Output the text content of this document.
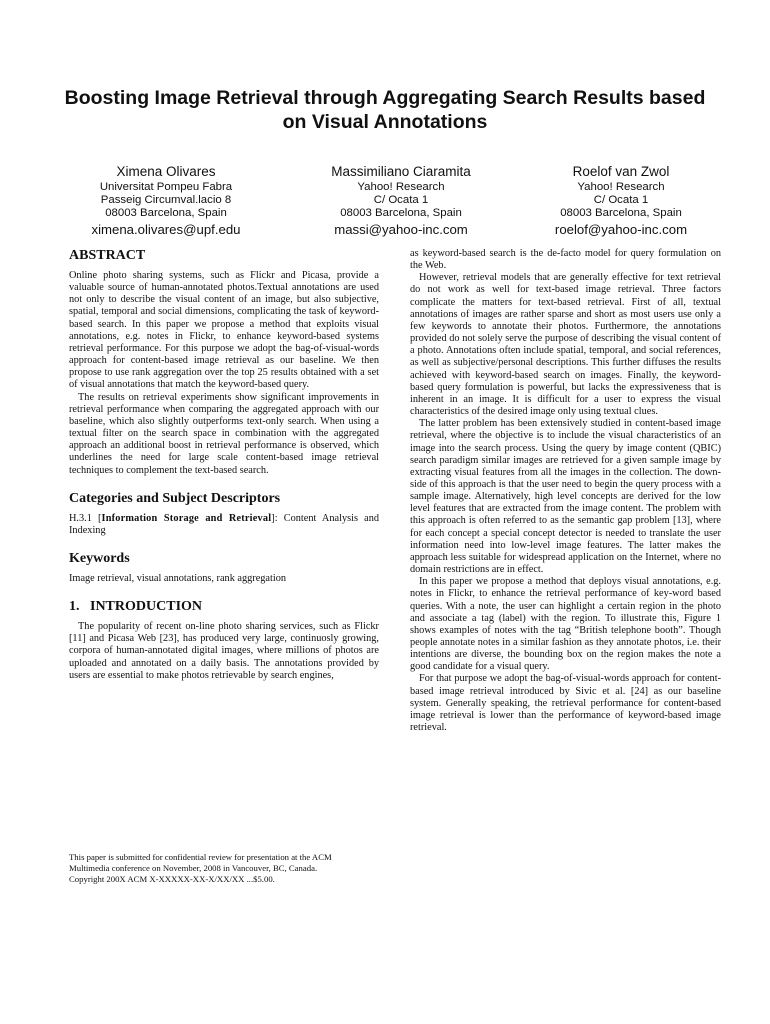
Boosting Image Retrieval through Aggregating Search Results based on Visual Annotations
Ximena Olivares
Universitat Pompeu Fabra
Passeig Circumval.lacio 8
08003 Barcelona, Spain
ximena.olivares@upf.edu
Massimiliano Ciaramita
Yahoo! Research
C/ Ocata 1
08003 Barcelona, Spain
massi@yahoo-inc.com
Roelof van Zwol
Yahoo! Research
C/ Ocata 1
08003 Barcelona, Spain
roelof@yahoo-inc.com
ABSTRACT

Online photo sharing systems, such as Flickr and Picasa, provide a valuable source of human-annotated photos.Textual annotations are used not only to describe the visual content of an image, but also subjective, spatial, temporal and social dimensions, complicating the task of keyword-based search. In this paper we propose a method that exploits visual annotations, e.g. notes in Flickr, to enhance keyword-based systems retrieval performance. For this purpose we adopt the bag-of-visual-words approach for content-based image retrieval as our baseline. We then propose to use rank aggregation over the top 25 results obtained with a set of visual annotations that match the keyword-based query.

The results on retrieval experiments show significant improvements in retrieval performance when comparing the aggregated approach with our baseline, which also slightly outperforms text-only search. When using a textual filter on the search space in combination with the aggregated approach an additional boost in retrieval performance is observed, which underlines the need for large scale content-based image retrieval techniques to complement the text-based search.

Categories and Subject Descriptors

H.3.1 [Information Storage and Retrieval]: Content Analysis and Indexing

Keywords

Image retrieval, visual annotations, rank aggregation

1.   INTRODUCTION

The popularity of recent on-line photo sharing services, such as Flickr [11] and Picasa Web [23], has produced very large, continuosly growing, corpora of human-annotated digital images, where millions of photos are uploaded and annotated on a daily basis. The annotations provided by users are essential to make photos retrievable by search engines,

This paper is submitted for confidential review for presentation at the ACM
Multimedia conference on November, 2008 in Vancouver, BC, Canada.
Copyright 200X ACM X-XXXXX-XX-X/XX/XX ...$5.00.

as keyword-based search is the de-facto model for query formulation on the Web.

However, retrieval models that are generally effective for text retrieval do not work as well for text-based image retrieval. Three factors complicate the matters for text-based retrieval. First of all, textual annotations of images are rather sparse and short as most users use only a few keywords to annotate their photos. Furthermore, the annotations provided do not solely serve the purpose of describing the visual content of a photo. Annotations often include spatial, temporal, and social references, as well as subjective/personal descriptions. This further diffuses the results achieved with keyword-based search on images. Finally, the keyword-based query formulation is powerful, but lacks the expressiveness that is inherent in an image. It is difficult for a user to express the visual characteristics of the desired image only using textual clues.

The latter problem has been extensively studied in content-based image retrieval, where the objective is to include the visual characteristics of an image into the search process. Using the query by image content (QBIC) search paradigm similar images are retrieved for a given sample image by extracting visual features from all the images in the collection. The down-side of this approach is that the user need to begin the query process with a sample image. Alternatively, high level concepts are derived for the low level features that are extracted from the image content. The problem with this approach is often referred to as the semantic gap problem [13], where for each concept a special concept detector is needed to translate the user information need into low-level image features. The latter makes the approach less suitable for widespread application on the Internet, where no domain restrictions are in effect.

In this paper we propose a method that deploys visual annotations, e.g. notes in Flickr, to enhance the retrieval performance of key-word based queries. With a note, the user can highlight a certain region in the photo and associate a tag (label) with the region. To illustrate this, Figure 1 shows examples of notes with the tag “British telephone booth”. Though people annotate notes in a similar fashion as they annotate photos, i.e. their intentions are diverse, the bounding box on the region makes the note a good candidate for a visual query.

For that purpose we adopt the bag-of-visual-words approach for content-based image retrieval introduced by Sivic et al. [24] as our baseline system. Generally speaking, the retrieval performance for content-based image retrieval is lower than the performance of keyword-based image retrieval.
